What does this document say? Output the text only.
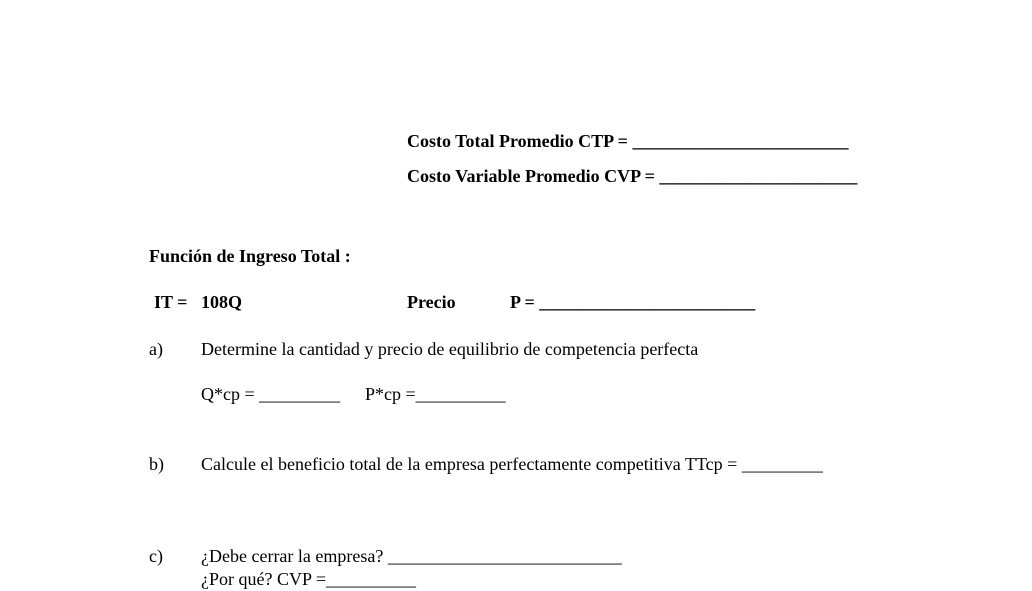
Costo Total Promedio CTP = ________________________
Costo Variable Promedio CVP = ______________________
Función de Ingreso Total :
IT = 108Q	Precio	P = ________________________
a) Determine la cantidad y precio de equilibrio de competencia perfecta
Q*cp = _________ P*cp =__________
b) Calcule el beneficio total de la empresa perfectamente competitiva TTcp = _________
c) ¿Debe cerrar la empresa? __________________________
¿Por qué? CVP =__________
